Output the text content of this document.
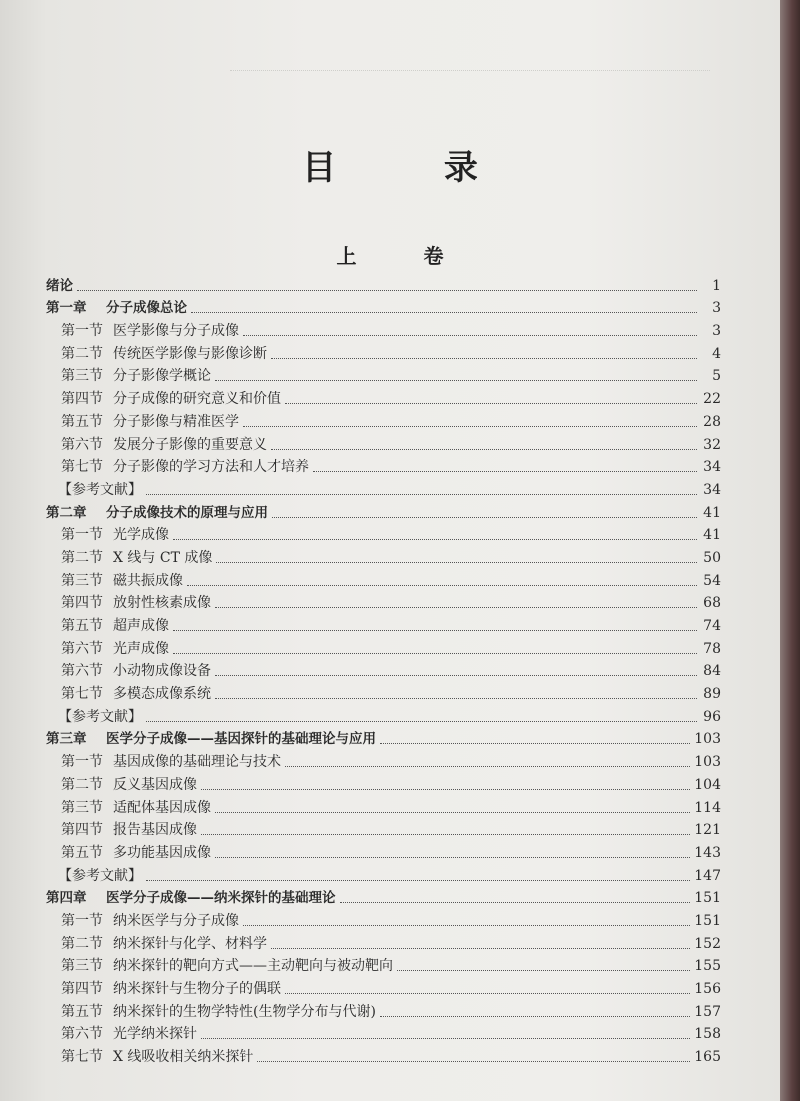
目 录
上 卷
绪论	1
第一章	分子成像总论	3
第一节 医学影像与分子成像	3
第二节 传统医学影像与影像诊断	4
第三节 分子影像学概论	5
第四节 分子成像的研究意义和价值	22
第五节 分子影像与精准医学	28
第六节 发展分子影像的重要意义	32
第七节 分子影像的学习方法和人才培养	34
【参考文献】	34
第二章	分子成像技术的原理与应用	41
第一节 光学成像	41
第二节 X 线与 CT 成像	50
第三节 磁共振成像	54
第四节 放射性核素成像	68
第五节 超声成像	74
第六节 光声成像	78
第六节 小动物成像设备	84
第七节 多模态成像系统	89
【参考文献】	96
第三章	医学分子成像——基因探针的基础理论与应用	103
第一节 基因成像的基础理论与技术	103
第二节 反义基因成像	104
第三节 适配体基因成像	114
第四节 报告基因成像	121
第五节 多功能基因成像	143
【参考文献】	147
第四章	医学分子成像——纳米探针的基础理论	151
第一节 纳米医学与分子成像	151
第二节 纳米探针与化学、材料学	152
第三节 纳米探针的靶向方式——主动靶向与被动靶向	155
第四节 纳米探针与生物分子的偶联	156
第五节 纳米探针的生物学特性(生物学分布与代谢)	157
第六节 光学纳米探针	158
第七节 X 线吸收相关纳米探针	165
